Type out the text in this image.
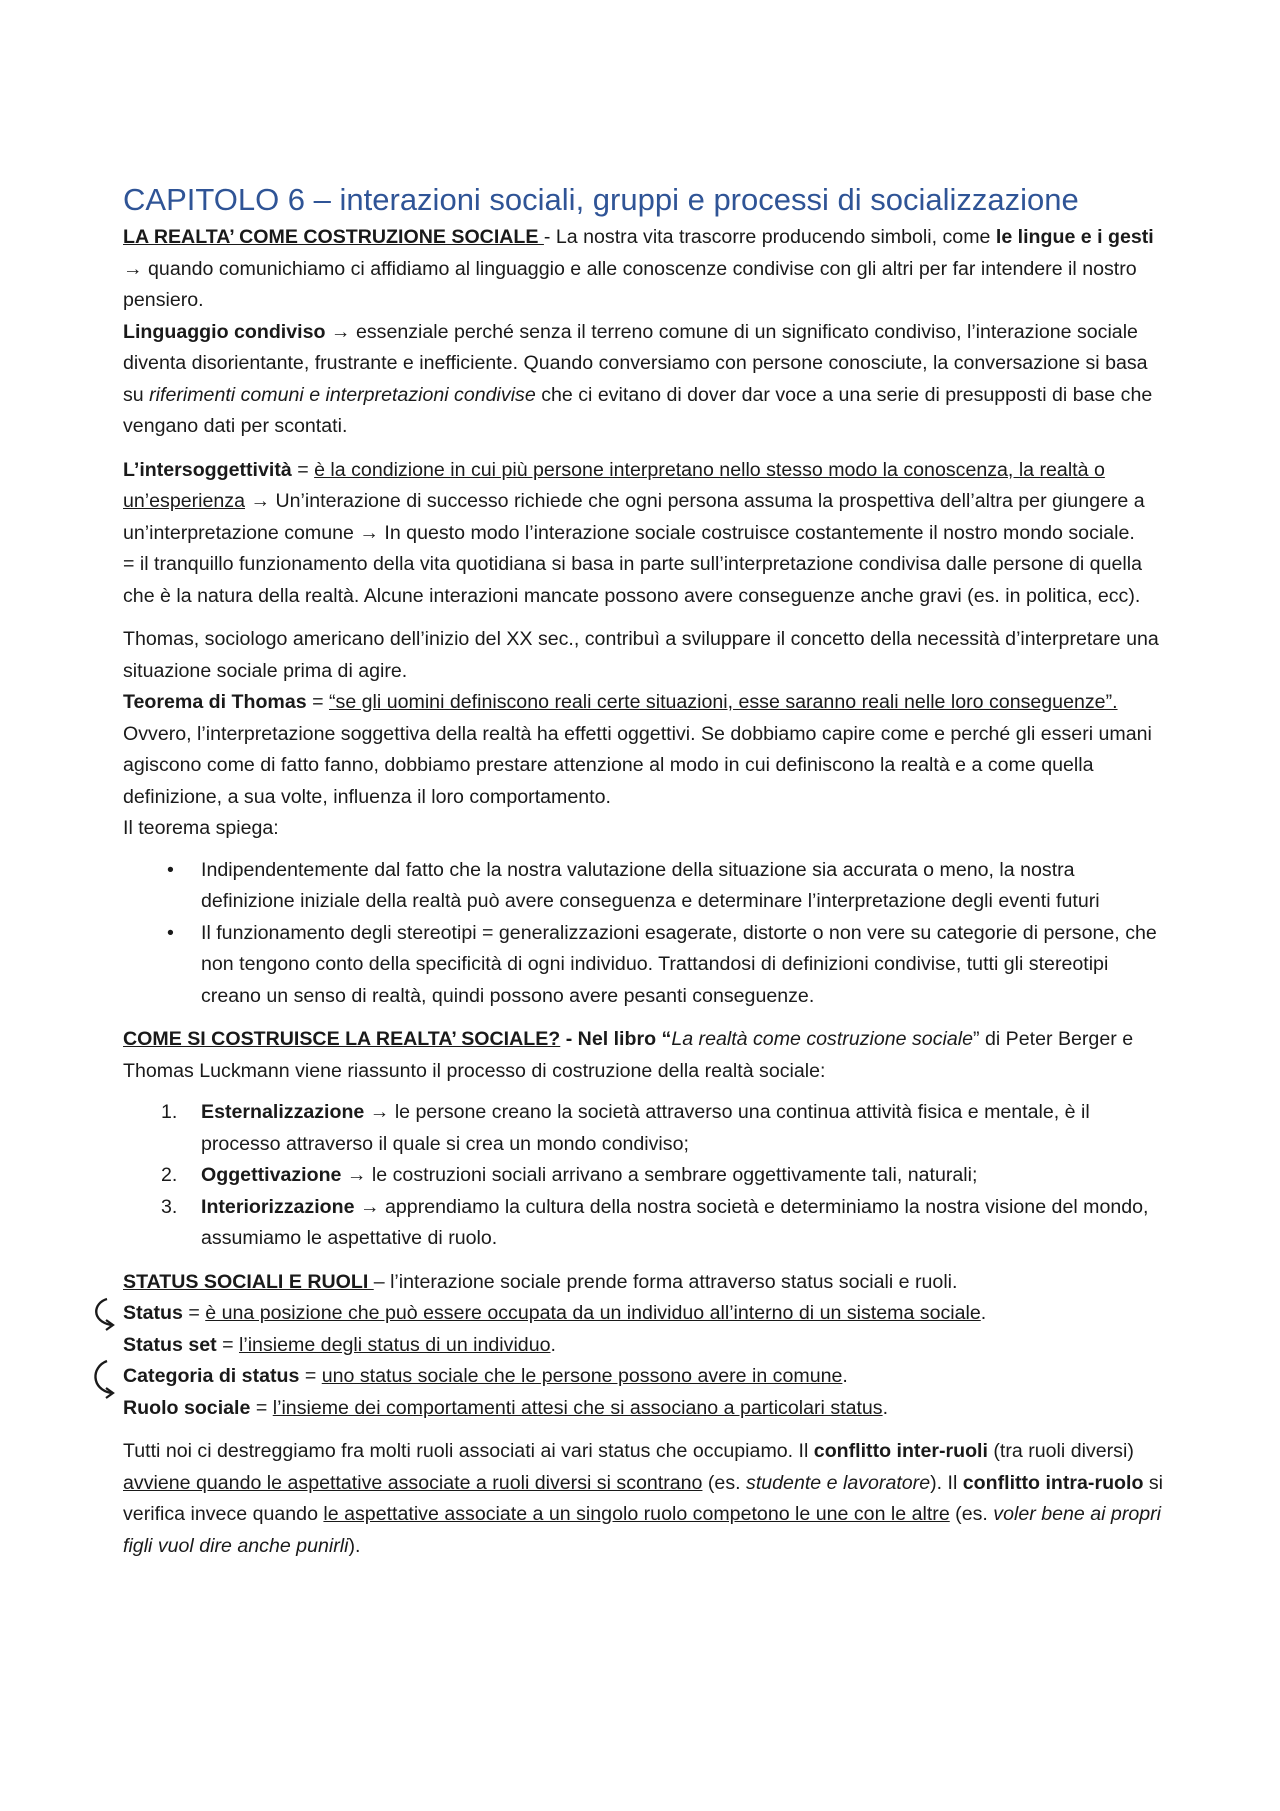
CAPITOLO 6 – interazioni sociali, gruppi e processi di socializzazione

LA REALTA’ COME COSTRUZIONE SOCIALE - La nostra vita trascorre producendo simboli, come le lingue e i gesti → quando comunichiamo ci affidiamo al linguaggio e alle conoscenze condivise con gli altri per far intendere il nostro pensiero.

Linguaggio condiviso → essenziale perché senza il terreno comune di un significato condiviso, l’interazione sociale diventa disorientante, frustrante e inefficiente. Quando conversiamo con persone conosciute, la conversazione si basa su riferimenti comuni e interpretazioni condivise che ci evitano di dover dar voce a una serie di presupposti di base che vengano dati per scontati.

L’intersoggettività = è la condizione in cui più persone interpretano nello stesso modo la conoscenza, la realtà o un’esperienza → Un’interazione di successo richiede che ogni persona assuma la prospettiva dell’altra per giungere a un’interpretazione comune → In questo modo l’interazione sociale costruisce costantemente il nostro mondo sociale.

= il tranquillo funzionamento della vita quotidiana si basa in parte sull’interpretazione condivisa dalle persone di quella che è la natura della realtà. Alcune interazioni mancate possono avere conseguenze anche gravi (es. in politica, ecc).

Thomas, sociologo americano dell’inizio del XX sec., contribuì a sviluppare il concetto della necessità d’interpretare una situazione sociale prima di agire.

Teorema di Thomas = “se gli uomini definiscono reali certe situazioni, esse saranno reali nelle loro conseguenze”. Ovvero, l’interpretazione soggettiva della realtà ha effetti oggettivi. Se dobbiamo capire come e perché gli esseri umani agiscono come di fatto fanno, dobbiamo prestare attenzione al modo in cui definiscono la realtà e a come quella definizione, a sua volte, influenza il loro comportamento.

Il teorema spiega:

• Indipendentemente dal fatto che la nostra valutazione della situazione sia accurata o meno, la nostra definizione iniziale della realtà può avere conseguenza e determinare l’interpretazione degli eventi futuri
• Il funzionamento degli stereotipi = generalizzazioni esagerate, distorte o non vere su categorie di persone, che non tengono conto della specificità di ogni individuo. Trattandosi di definizioni condivise, tutti gli stereotipi creano un senso di realtà, quindi possono avere pesanti conseguenze.

COME SI COSTRUISCE LA REALTA’ SOCIALE? - Nel libro “La realtà come costruzione sociale” di Peter Berger e Thomas Luckmann viene riassunto il processo di costruzione della realtà sociale:

1. Esternalizzazione → le persone creano la società attraverso una continua attività fisica e mentale, è il processo attraverso il quale si crea un mondo condiviso;
2. Oggettivazione → le costruzioni sociali arrivano a sembrare oggettivamente tali, naturali;
3. Interiorizzazione → apprendiamo la cultura della nostra società e determiniamo la nostra visione del mondo, assumiamo le aspettative di ruolo.

STATUS SOCIALI E RUOLI – l’interazione sociale prende forma attraverso status sociali e ruoli.

Status = è una posizione che può essere occupata da un individuo all’interno di un sistema sociale.

Status set = l’insieme degli status di un individuo.

Categoria di status = uno status sociale che le persone possono avere in comune.

Ruolo sociale = l’insieme dei comportamenti attesi che si associano a particolari status.

Tutti noi ci destreggiamo fra molti ruoli associati ai vari status che occupiamo. Il conflitto inter-ruoli (tra ruoli diversi) avviene quando le aspettative associate a ruoli diversi si scontrano (es. studente e lavoratore). Il conflitto intra-ruolo si verifica invece quando le aspettative associate a un singolo ruolo competono le une con le altre (es. voler bene ai propri figli vuol dire anche punirli).
